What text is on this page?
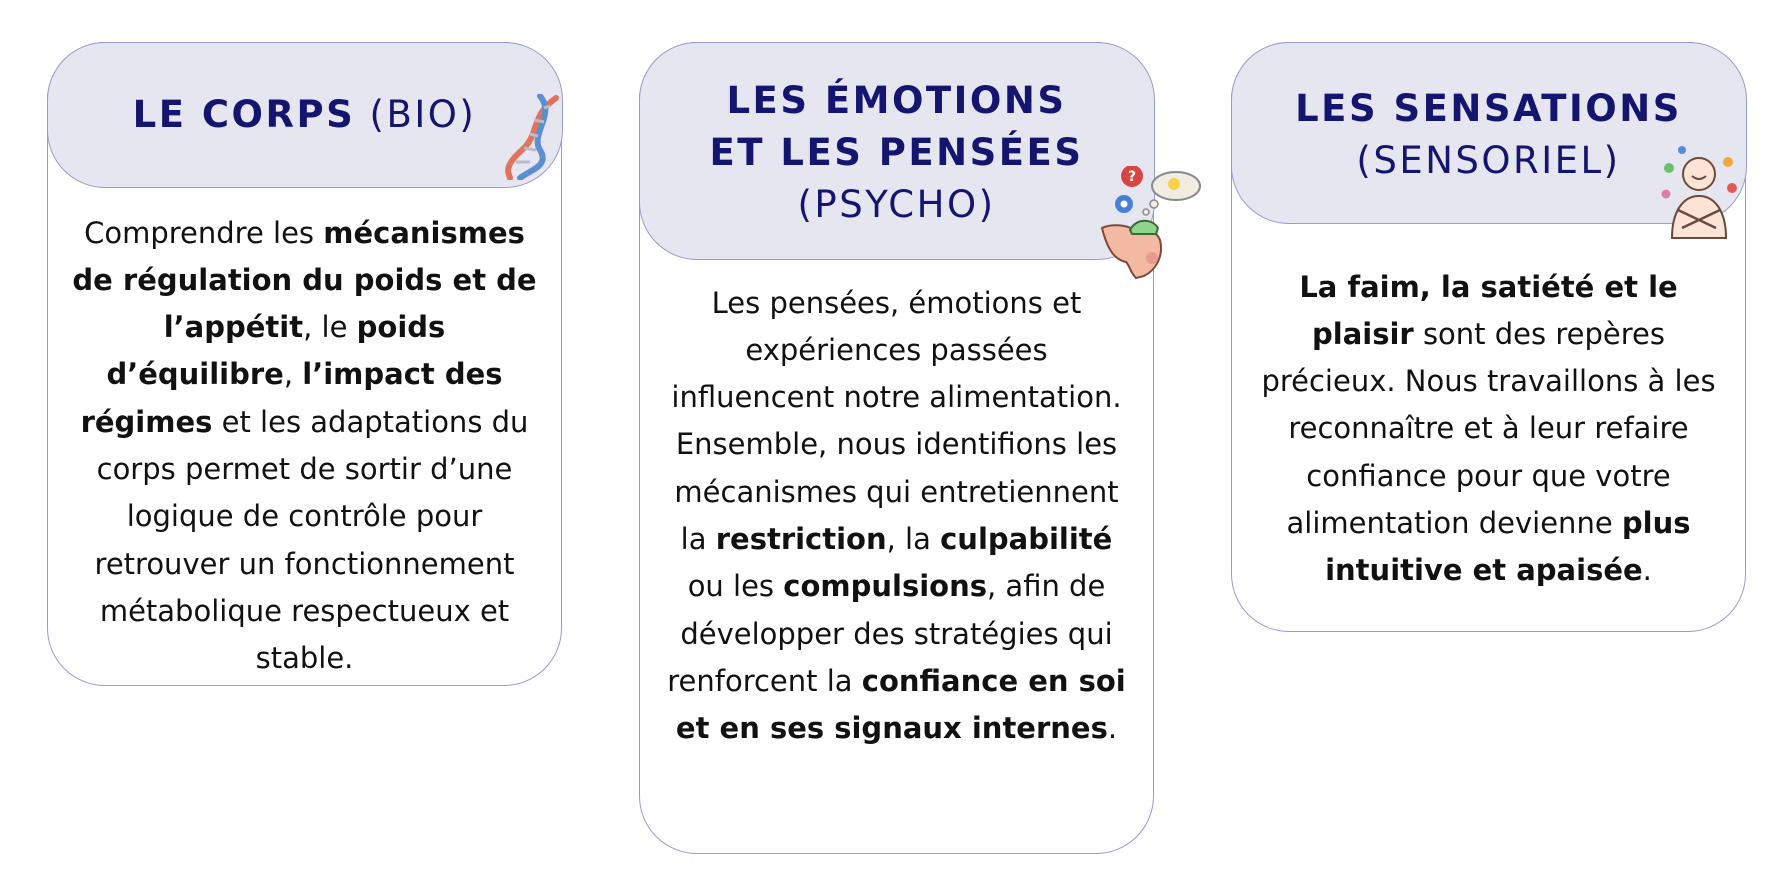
LE CORPS (BIO)
Comprendre les mécanismes de régulation du poids et de l’appétit, le poids d’équilibre, l’impact des régimes et les adaptations du corps permet de sortir d’une logique de contrôle pour retrouver un fonctionnement métabolique respectueux et stable.
LES ÉMOTIONS
ET LES PENSÉES
(PSYCHO)
Les pensées, émotions et expériences passées influencent notre alimentation. Ensemble, nous identifions les mécanismes qui entretiennent la restriction, la culpabilité ou les compulsions, afin de développer des stratégies qui renforcent la confiance en soi et en ses signaux internes.
LES SENSATIONS
(SENSORIEL)
La faim, la satiété et le plaisir sont des repères précieux. Nous travaillons à les reconnaître et à leur refaire confiance pour que votre alimentation devienne plus intuitive et apaisée.
?
